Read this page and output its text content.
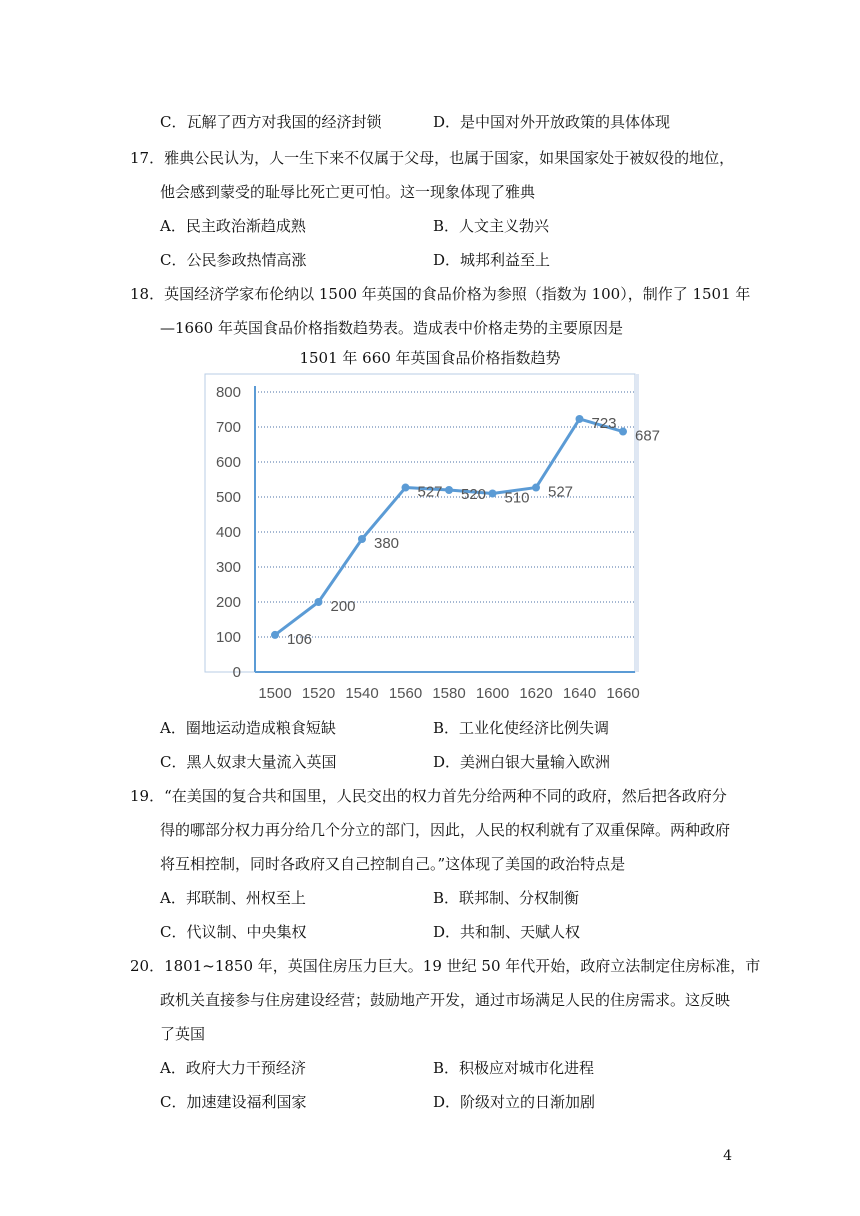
C．瓦解了西方对我国的经济封锁	D．是中国对外开放政策的具体体现
17．雅典公民认为，人一生下来不仅属于父母，也属于国家，如果国家处于被奴役的地位，
他会感到蒙受的耻辱比死亡更可怕。这一现象体现了雅典
A．民主政治渐趋成熟	B．人文主义勃兴
C．公民参政热情高涨	D．城邦利益至上
18．英国经济学家布伦纳以 1500 年英国的食品价格为参照（指数为 100），制作了 1501 年
—1660 年英国食品价格指数趋势表。造成表中价格走势的主要原因是
1501 年 660 年英国食品价格指数趋势
0
100
200
300
400
500
600
700
800
1500 1520 1540 1560 1580 1600 1620 1640 1660
106
200
380
527 520 510 527
723
687
A．圈地运动造成粮食短缺	B．工业化使经济比例失调
C．黑人奴隶大量流入英国	D．美洲白银大量输入欧洲
19．“在美国的复合共和国里，人民交出的权力首先分给两种不同的政府，然后把各政府分
得的哪部分权力再分给几个分立的部门，因此，人民的权利就有了双重保障。两种政府
将互相控制，同时各政府又自己控制自己。”这体现了美国的政治特点是
A．邦联制、州权至上	B．联邦制、分权制衡
C．代议制、中央集权	D．共和制、天赋人权
20．1801~1850 年，英国住房压力巨大。19 世纪 50 年代开始，政府立法制定住房标准，市
政机关直接参与住房建设经营；鼓励地产开发，通过市场满足人民的住房需求。这反映
了英国
A．政府大力干预经济	B．积极应对城市化进程
C．加速建设福利国家	D．阶级对立的日渐加剧
4
